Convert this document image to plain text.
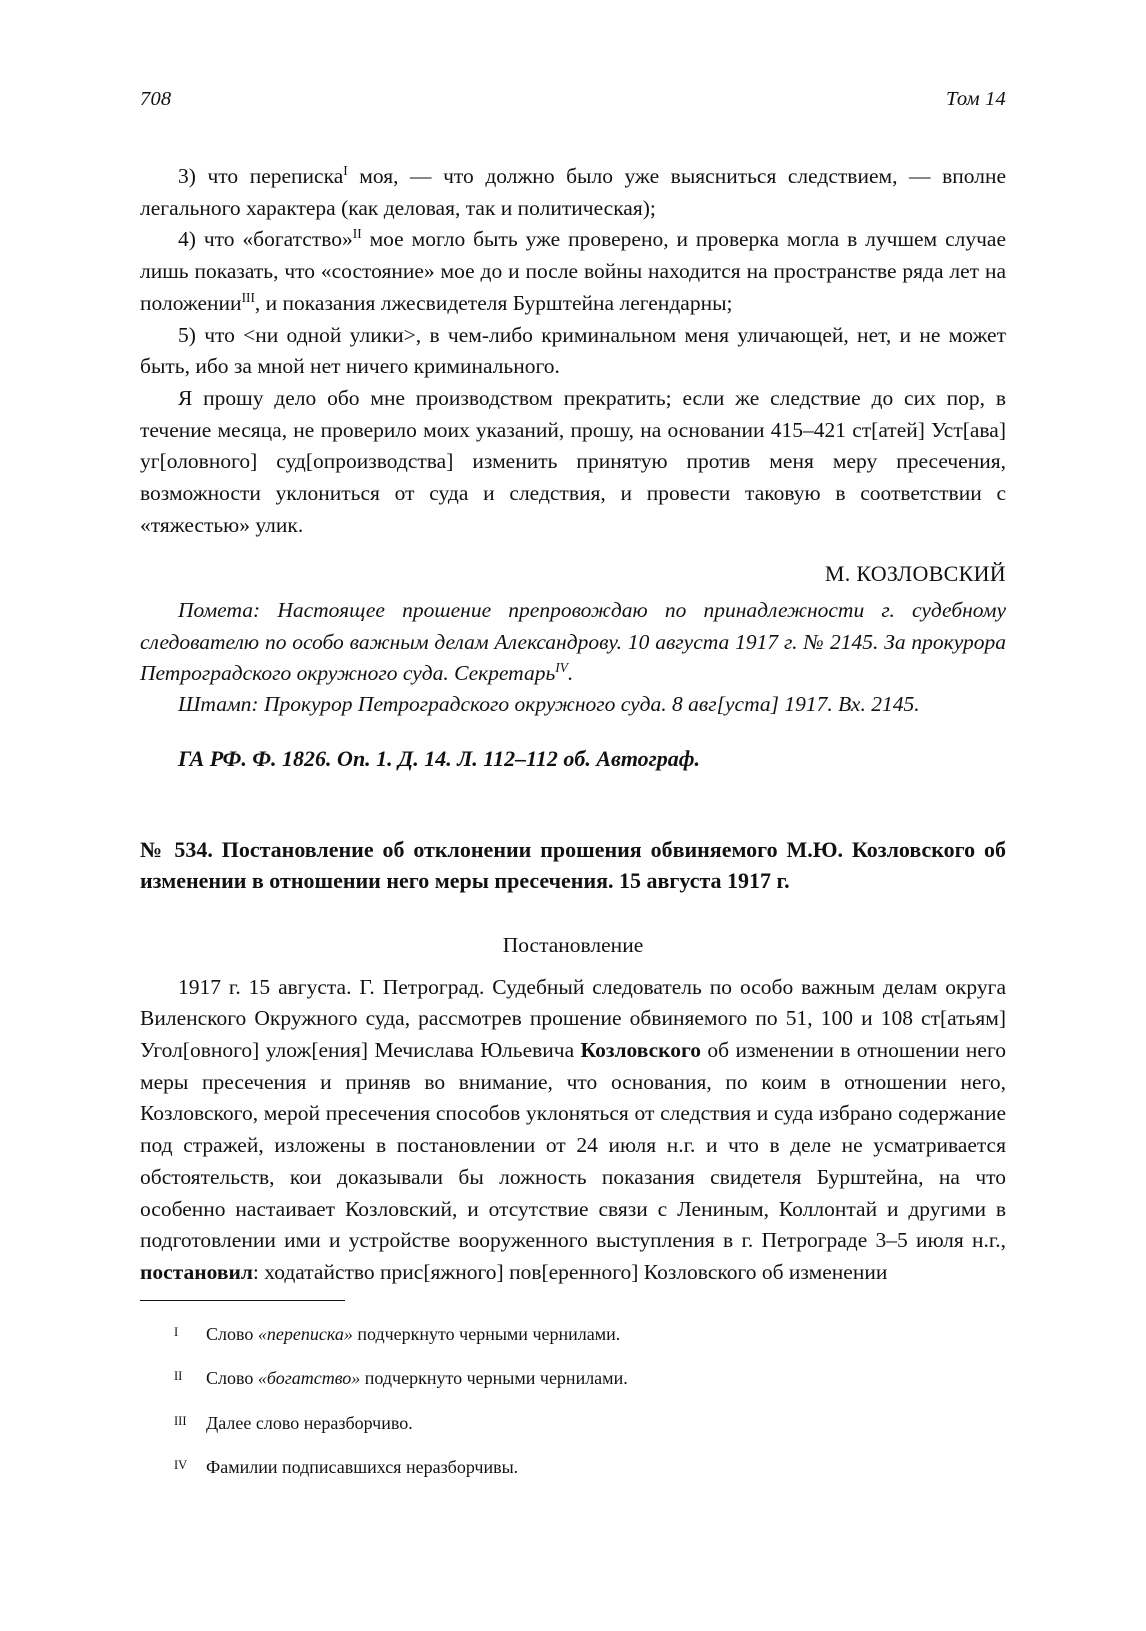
708	Том 14

3) что переписка$^I$ моя, — что должно было уже выясниться следствием, — вполне легального характера (как деловая, так и политическая);

4) что «богатство»$^{II}$ мое могло быть уже проверено, и проверка могла в лучшем случае лишь показать, что «состояние» мое до и после войны находится на пространстве ряда лет на положении$^{III}$, и показания лжесвидетеля Бурштейна легендарны;

5) что <ни одной улики>, в чем-либо криминальном меня уличающей, нет, и не может быть, ибо за мной нет ничего криминального.

Я прошу дело обо мне производством прекратить; если же следствие до сих пор, в течение месяца, не проверило моих указаний, прошу, на основании 415–421 ст[атей] Уст[ава] уг[оловного] суд[опроизводства] изменить принятую против меня меру пресечения, возможности уклониться от суда и следствия, и провести таковую в соответствии с «тяжестью» улик.

М. КОЗЛОВСКИЙ

Помета: Настоящее прошение препровождаю по принадлежности г. судебному следователю по особо важным делам Александрову. 10 августа 1917 г. № 2145. За прокурора Петроградского окружного суда. Секретарь$^{IV}$.

Штамп: Прокурор Петроградского окружного суда. 8 авг[уста] 1917. Вх. 2145.

ГА РФ. Ф. 1826. Оп. 1. Д. 14. Л. 112–112 об. Автограф.

№ 534. Постановление об отклонении прошения обвиняемого М.Ю. Козловского об изменении в отношении него меры пресечения. 15 августа 1917 г.

Постановление

1917 г. 15 августа. Г. Петроград. Судебный следователь по особо важным делам округа Виленского Окружного суда, рассмотрев прошение обвиняемого по 51, 100 и 108 ст[атьям] Угол[овного] улож[ения] Мечислава Юльевича Козловского об изменении в отношении него меры пресечения и приняв во внимание, что основания, по коим в отношении него, Козловского, мерой пресечения способов уклоняться от следствия и суда избрано содержание под стражей, изложены в постановлении от 24 июля н.г. и что в деле не усматривается обстоятельств, кои доказывали бы ложность показания свидетеля Бурштейна, на что особенно настаивает Козловский, и отсутствие связи с Лениным, Коллонтай и другими в подготовлении ими и устройстве вооруженного выступления в г. Петрограде 3–5 июля н.г., постановил: ходатайство прис[яжного] пов[еренного] Козловского об изменении

I	Слово «переписка» подчеркнуто черными чернилами.
II	Слово «богатство» подчеркнуто черными чернилами.
III	Далее слово неразборчиво.
IV	Фамилии подписавшихся неразборчивы.
